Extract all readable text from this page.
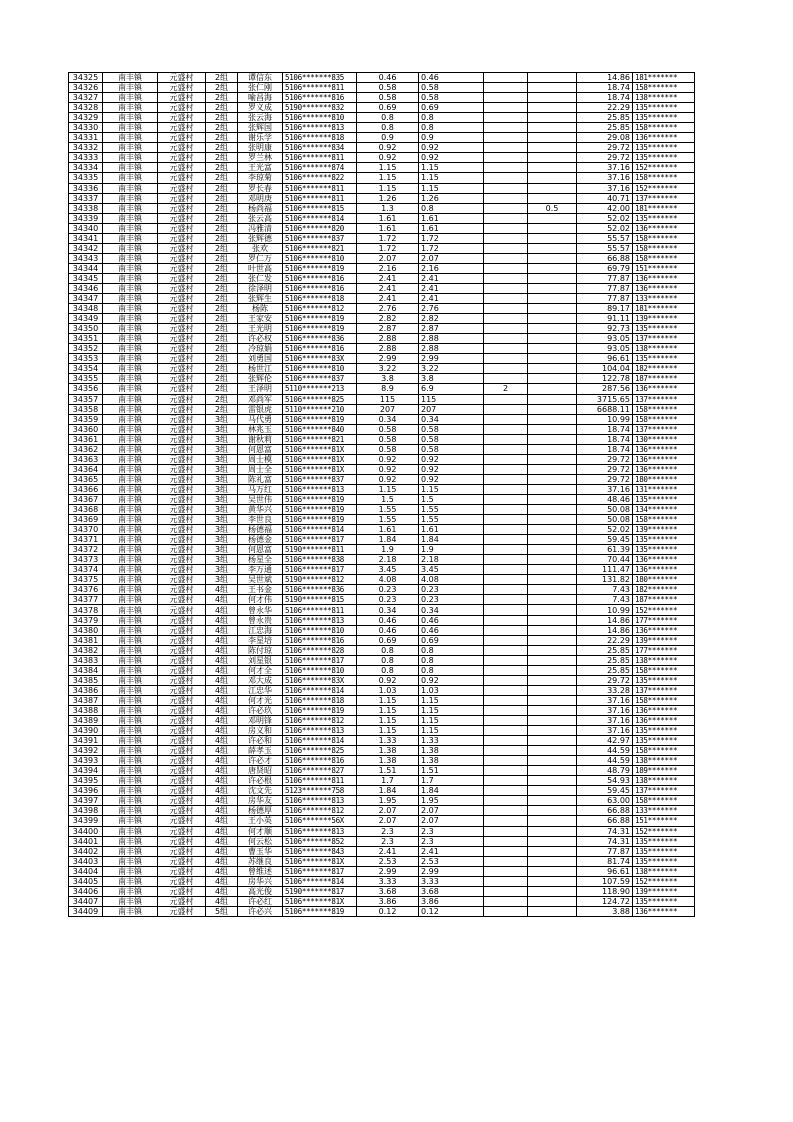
34325	南丰镇	元盛村	2组	谭信东	5106*******835	0.46	0.46			14.86	181*******
34326	南丰镇	元盛村	2组	张仁刚	5106*******811	0.58	0.58			18.74	158*******
34327	南丰镇	元盛村	2组	喻昌海	5106*******816	0.58	0.58			18.74	138*******
34328	南丰镇	元盛村	2组	罗义成	5190*******832	0.69	0.69			22.29	135*******
34329	南丰镇	元盛村	2组	张云海	5106*******810	0.8	0.8			25.85	135*******
34330	南丰镇	元盛村	2组	张辉国	5106*******813	0.8	0.8			25.85	158*******
34331	南丰镇	元盛村	2组	谢乐学	5106*******818	0.9	0.9			29.08	136*******
34332	南丰镇	元盛村	2组	张明康	5106*******834	0.92	0.92			29.72	135*******
34333	南丰镇	元盛村	2组	罗兰林	5106*******811	0.92	0.92			29.72	135*******
34334	南丰镇	元盛村	2组	王光富	5106*******874	1.15	1.15			37.16	152*******
34335	南丰镇	元盛村	2组	李琼菊	5106*******822	1.15	1.15			37.16	158*******
34336	南丰镇	元盛村	2组	罗长春	5106*******811	1.15	1.15			37.16	152*******
34337	南丰镇	元盛村	2组	邓明庚	5106*******811	1.26	1.26			40.71	137*******
34338	南丰镇	元盛村	2组	杨尚福	5106*******815	1.3	0.8		0.5	42.00	181*******
34339	南丰镇	元盛村	2组	张云高	5106*******814	1.61	1.61			52.02	135*******
34340	南丰镇	元盛村	2组	冯雅清	5106*******820	1.61	1.61			52.02	136*******
34341	南丰镇	元盛村	2组	张辉德	5106*******837	1.72	1.72			55.57	158*******
34342	南丰镇	元盛村	2组	张欢	5106*******821	1.72	1.72			55.57	158*******
34343	南丰镇	元盛村	2组	罗仁万	5106*******810	2.07	2.07			66.88	158*******
34344	南丰镇	元盛村	2组	叶世高	5106*******819	2.16	2.16			69.79	151*******
34345	南丰镇	元盛村	2组	张仁发	5106*******816	2.41	2.41			77.87	136*******
34346	南丰镇	元盛村	2组	徐泽明	5106*******816	2.41	2.41			77.87	136*******
34347	南丰镇	元盛村	2组	张辉生	5106*******818	2.41	2.41			77.87	133*******
34348	南丰镇	元盛村	2组	杨陈	5106*******812	2.76	2.76			89.17	181*******
34349	南丰镇	元盛村	2组	王家安	5106*******819	2.82	2.82			91.11	139*******
34350	南丰镇	元盛村	2组	王光明	5106*******819	2.87	2.87			92.73	135*******
34351	南丰镇	元盛村	2组	许必权	5106*******836	2.88	2.88			93.05	137*******
34352	南丰镇	元盛村	2组	冷琼娟	5106*******816	2.88	2.88			93.05	138*******
34353	南丰镇	元盛村	2组	刘勇国	5106*******83X	2.99	2.99			96.61	135*******
34354	南丰镇	元盛村	2组	杨世江	5106*******810	3.22	3.22			104.04	182*******
34355	南丰镇	元盛村	2组	张辉伦	5106*******837	3.8	3.8			122.78	187*******
34356	南丰镇	元盛村	2组	王泽明	5110*******213	8.9	6.9	2		287.56	136*******
34357	南丰镇	元盛村	2组	邓尚军	5106*******825	115	115			3715.65	137*******
34358	南丰镇	元盛村	2组	雷银虎	5110*******210	207	207			6688.11	158*******
34359	南丰镇	元盛村	3组	马代勇	5106*******819	0.34	0.34			10.99	158*******
34360	南丰镇	元盛村	3组	林兆玉	5106*******840	0.58	0.58			18.74	137*******
34361	南丰镇	元盛村	3组	谢秋莉	5106*******821	0.58	0.58			18.74	130*******
34362	南丰镇	元盛村	3组	何恩富	5106*******81X	0.58	0.58			18.74	136*******
34363	南丰镇	元盛村	3组	周士模	5106*******81X	0.92	0.92			29.72	136*******
34364	南丰镇	元盛村	3组	周士全	5106*******81X	0.92	0.92			29.72	136*******
34365	南丰镇	元盛村	3组	陈礼富	5106*******837	0.92	0.92			29.72	180*******
34366	南丰镇	元盛村	3组	马万红	5106*******813	1.15	1.15			37.16	131*******
34367	南丰镇	元盛村	3组	吴世伟	5106*******819	1.5	1.5			48.46	135*******
34368	南丰镇	元盛村	3组	黄华兴	5106*******819	1.55	1.55			50.08	134*******
34369	南丰镇	元盛村	3组	李世良	5106*******819	1.55	1.55			50.08	158*******
34370	南丰镇	元盛村	3组	杨德福	5106*******814	1.61	1.61			52.02	139*******
34371	南丰镇	元盛村	3组	杨德金	5106*******817	1.84	1.84			59.45	135*******
34372	南丰镇	元盛村	3组	何恩富	5190*******811	1.9	1.9			61.39	135*******
34373	南丰镇	元盛村	3组	杨星全	5106*******838	2.18	2.18			70.44	136*******
34374	南丰镇	元盛村	3组	李万通	5106*******817	3.45	3.45			111.47	136*******
34375	南丰镇	元盛村	3组	吴世斌	5190*******812	4.08	4.08			131.82	180*******
34376	南丰镇	元盛村	4组	王书金	5106*******836	0.23	0.23			7.43	182*******
34377	南丰镇	元盛村	4组	何才伟	5190*******815	0.23	0.23			7.43	187*******
34378	南丰镇	元盛村	4组	曾永华	5106*******811	0.34	0.34			10.99	152*******
34379	南丰镇	元盛村	4组	曾永贵	5106*******813	0.46	0.46			14.86	177*******
34380	南丰镇	元盛村	4组	江忠海	5106*******810	0.46	0.46			14.86	136*******
34381	南丰镇	元盛村	4组	李星培	5106*******816	0.69	0.69			22.29	139*******
34382	南丰镇	元盛村	4组	陈付琼	5106*******828	0.8	0.8			25.85	177*******
34383	南丰镇	元盛村	4组	刘星银	5106*******817	0.8	0.8			25.85	138*******
34384	南丰镇	元盛村	4组	何才全	5106*******810	0.8	0.8			25.85	158*******
34385	南丰镇	元盛村	4组	邓大成	5106*******83X	0.92	0.92			29.72	135*******
34386	南丰镇	元盛村	4组	江忠华	5106*******814	1.03	1.03			33.28	137*******
34387	南丰镇	元盛村	4组	何才光	5106*******818	1.15	1.15			37.16	158*******
34388	南丰镇	元盛村	4组	许必玖	5106*******819	1.15	1.15			37.16	136*******
34389	南丰镇	元盛村	4组	邓明锋	5106*******812	1.15	1.15			37.16	136*******
34390	南丰镇	元盛村	4组	房义和	5106*******813	1.15	1.15			37.16	135*******
34391	南丰镇	元盛村	4组	许必和	5106*******814	1.33	1.33			42.97	135*******
34392	南丰镇	元盛村	4组	薛孝玉	5106*******825	1.38	1.38			44.59	158*******
34393	南丰镇	元盛村	4组	许必才	5106*******816	1.38	1.38			44.59	138*******
34394	南丰镇	元盛村	4组	唐贤昭	5106*******827	1.51	1.51			48.79	189*******
34395	南丰镇	元盛村	4组	许必根	5106*******811	1.7	1.7			54.93	138*******
34396	南丰镇	元盛村	4组	沈文先	5123*******758	1.84	1.84			59.45	137*******
34397	南丰镇	元盛村	4组	房华友	5106*******813	1.95	1.95			63.00	158*******
34398	南丰镇	元盛村	4组	杨德厚	5106*******812	2.07	2.07			66.88	133*******
34399	南丰镇	元盛村	4组	王小英	5106*******56X	2.07	2.07			66.88	151*******
34400	南丰镇	元盛村	4组	何才顺	5106*******813	2.3	2.3			74.31	152*******
34401	南丰镇	元盛村	4组	何云松	5106*******852	2.3	2.3			74.31	135*******
34402	南丰镇	元盛村	4组	曹玉华	5106*******843	2.41	2.41			77.87	135*******
34403	南丰镇	元盛村	4组	苏继良	5106*******81X	2.53	2.53			81.74	135*******
34404	南丰镇	元盛村	4组	曾维述	5106*******817	2.99	2.99			96.61	138*******
34405	南丰镇	元盛村	4组	房华兴	5106*******814	3.33	3.33			107.59	152*******
34406	南丰镇	元盛村	4组	高光俊	5190*******817	3.68	3.68			118.90	139*******
34407	南丰镇	元盛村	4组	许必红	5106*******81X	3.86	3.86			124.72	135*******
34409	南丰镇	元盛村	5组	许必兴	5106*******819	0.12	0.12			3.88	136*******
